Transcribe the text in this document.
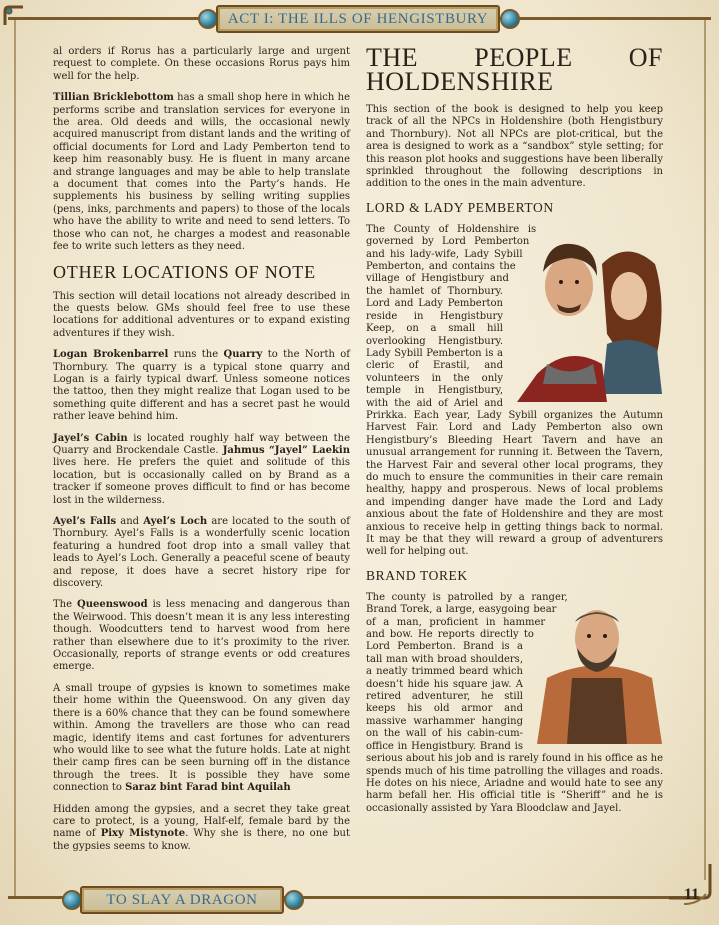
ACT I: THE ILLS OF HENGISTBURY
TO SLAY A DRAGON	11

al orders if Rorus has a particularly large and urgent request to complete. On these occasions Rorus pays him well for the help.

Tillian Bricklebottom has a small shop here in which he performs scribe and translation services for everyone in the area. Old deeds and wills, the occasional newly acquired manuscript from distant lands and the writing of official documents for Lord and Lady Pemberton tend to keep him reasonably busy. He is fluent in many arcane and strange languages and may be able to help translate a document that comes into the Party’s hands. He supplements his business by selling writing supplies (pens, inks, parchments and papers) to those of the locals who have the ability to write and need to send letters. To those who can not, he charges a modest and reasonable fee to write such letters as they need.

OTHER LOCATIONS OF NOTE

This section will detail locations not already described in the quests below. GMs should feel free to use these locations for additional adventures or to expand existing adventures if they wish.

Logan Brokenbarrel runs the Quarry to the North of Thornbury. The quarry is a typical stone quarry and Logan is a fairly typical dwarf. Unless someone notices the tattoo, then they might realize that Logan used to be something quite different and has a secret past he would rather leave behind him.

Jayel’s Cabin is located roughly half way between the Quarry and Brockendale Castle. Jahmus “Jayel” Laekin lives here. He prefers the quiet and solitude of this location, but is occasionally called on by Brand as a tracker if someone proves difficult to find or has become lost in the wilderness.

Ayel’s Falls and Ayel’s Loch are located to the south of Thornbury. Ayel’s Falls is a wonderfully scenic location featuring a hundred foot drop into a small valley that leads to Ayel’s Loch. Generally a peaceful scene of beauty and repose, it does have a secret history ripe for discovery.

The Queenswood is less menacing and dangerous than the Weirwood. This doesn’t mean it is any less interesting though. Woodcutters tend to harvest wood from here rather than elsewhere due to it’s proximity to the river. Occasionally, reports of strange events or odd creatures emerge.

A small troupe of gypsies is known to sometimes make their home within the Queenswood. On any given day there is a 60% chance that they can be found somewhere within. Among the travellers are those who can read magic, identify items and cast fortunes for adventurers who would like to see what the future holds. Late at night their camp fires can be seen burning off in the distance through the trees. It is possible they have some connection to Saraz bint Farad bint Aquilah

Hidden among the gypsies, and a secret they take great care to protect, is a young, Half-elf, female bard by the name of Pixy Mistynote. Why she is there, no one but the gypsies seems to know.

THE PEOPLE OF HOLDENSHIRE

This section of the book is designed to help you keep track of all the NPCs in Holdenshire (both Hengistbury and Thornbury). Not all NPCs are plot-critical, but the area is designed to work as a “sandbox” style setting; for this reason plot hooks and suggestions have been liberally sprinkled throughout the following descriptions in addition to the ones in the main adventure.

LORD & LADY PEMBERTON

The County of Holdenshire is governed by Lord Pemberton and his lady-wife, Lady Sybill Pemberton, and contains the village of Hengistbury and the hamlet of Thornbury. Lord and Lady Pemberton reside in Hengistbury Keep, on a small hill overlooking Hengistbury. Lady Sybill Pemberton is a cleric of Erastil, and volunteers in the only temple in Hengistbury, with the aid of Ariel and Prirkka. Each year, Lady Sybill organizes the Autumn Harvest Fair. Lord and Lady Pemberton also own Hengistbury’s Bleeding Heart Tavern and have an unusual arrangement for running it. Between the Tavern, the Harvest Fair and several other local programs, they do much to ensure the communities in their care remain healthy, happy and prosperous. News of local problems and impending danger have made the Lord and Lady anxious about the fate of Holdenshire and they are most anxious to receive help in getting things back to normal. It may be that they will reward a group of adventurers well for helping out.

BRAND TOREK

The county is patrolled by a ranger, Brand Torek, a large, easygoing bear of a man, proficient in hammer and bow. He reports directly to Lord Pemberton. Brand is a tall man with broad shoulders, a neatly trimmed beard which doesn’t hide his square jaw. A retired adventurer, he still keeps his old armor and massive warhammer hanging on the wall of his cabin-cum-office in Hengistbury. Brand is serious about his job and is rarely found in his office as he spends much of his time patrolling the villages and roads. He dotes on his niece, Ariadne and would hate to see any harm befall her. His official title is “Sheriff” and he is occasionally assisted by Yara Bloodclaw and Jayel.
